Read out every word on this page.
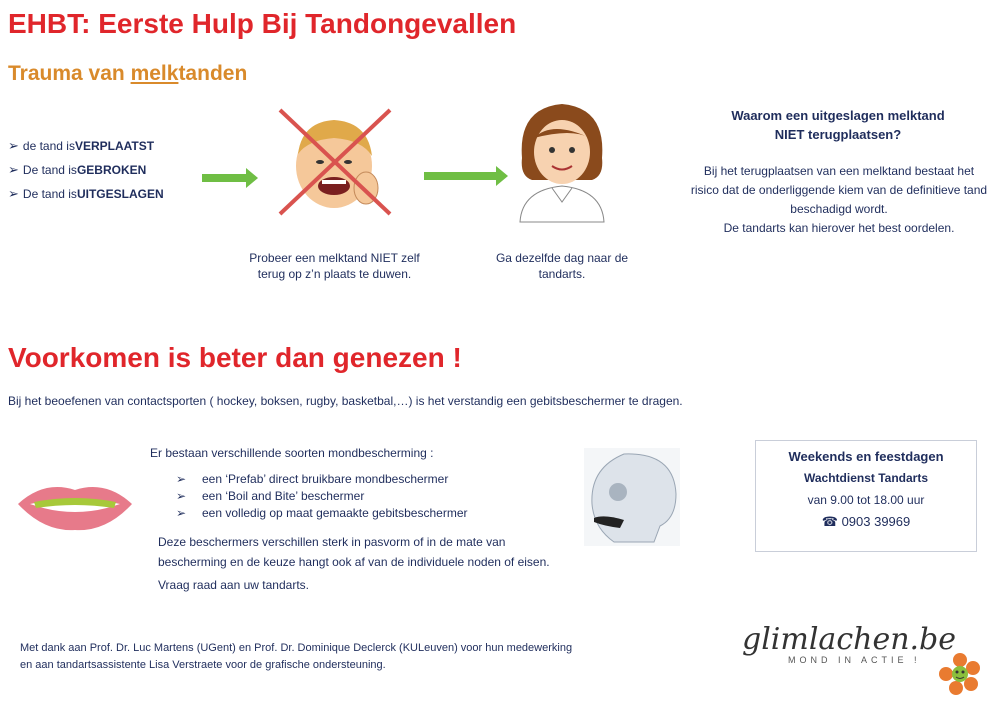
EHBT: Eerste Hulp Bij Tandongevallen
Trauma van melktanden
➢ de tand is VERPLAATST
➢ De tand is GEBROKEN
➢ De tand is UITGESLAGEN
Probeer een melktand NIET zelf terug op z’n plaats te duwen.
Ga dezelfde dag naar de tandarts.
Waarom een uitgeslagen melktand NIET terugplaatsen?
Bij het terugplaatsen van een melktand bestaat het risico dat de onderliggende kiem van de definitieve tand beschadigd wordt.
De tandarts kan hierover het best oordelen.
Voorkomen is beter dan genezen !
Bij het beoefenen van contactsporten ( hockey, boksen, rugby, basketbal,…) is het verstandig een gebitsbeschermer te dragen.
Er bestaan verschillende soorten mondbescherming :
➢ een ‘Prefab’ direct bruikbare mondbeschermer
➢ een ‘Boil and Bite’ beschermer
➢ een volledig op maat gemaakte gebitsbeschermer
Deze beschermers verschillen sterk in pasvorm of in de mate van bescherming en de keuze hangt ook af van de individuele noden of eisen.
Vraag raad aan uw tandarts.
Weekends en feestdagen
Wachtdienst Tandarts
van 9.00 tot 18.00 uur
☎ 0903 39969
Met dank aan Prof. Dr. Luc Martens (UGent) en Prof. Dr. Dominique Declerck (KULeuven) voor hun medewerking en aan tandartsassistente Lisa Verstraete voor de grafische ondersteuning.
glimlachen.be
MOND IN ACTIE !
